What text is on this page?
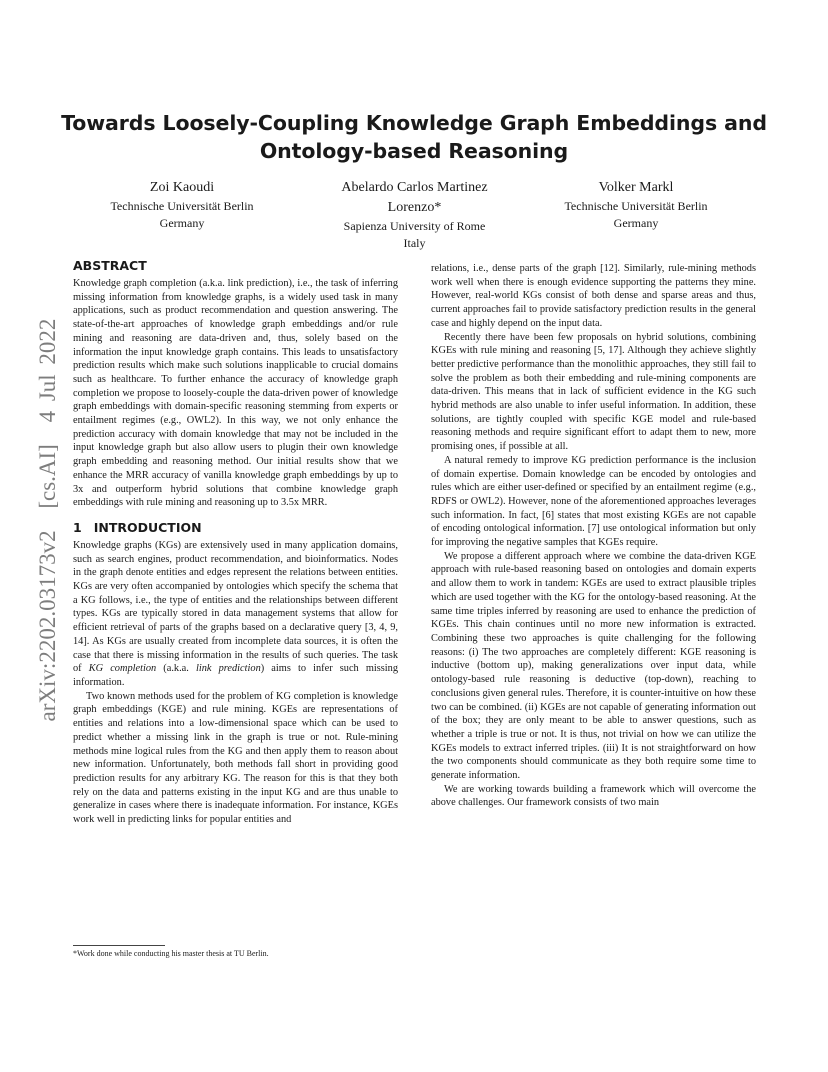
Towards Loosely-Coupling Knowledge Graph Embeddings and Ontology-based Reasoning
Zoi Kaoudi
Technische Universität Berlin
Germany
Abelardo Carlos Martinez Lorenzo*
Sapienza University of Rome
Italy
Volker Markl
Technische Universität Berlin
Germany
arXiv:2202.03173v2 [cs.AI] 4 Jul 2022
ABSTRACT

Knowledge graph completion (a.k.a. link prediction), i.e., the task of inferring missing information from knowledge graphs, is a widely used task in many applications, such as product recommendation and question answering. The state-of-the-art approaches of knowledge graph embeddings and/or rule mining and reasoning are data-driven and, thus, solely based on the information the input knowledge graph contains. This leads to unsatisfactory prediction results which make such solutions inapplicable to crucial domains such as healthcare. To further enhance the accuracy of knowledge graph completion we propose to loosely-couple the data-driven power of knowledge graph embeddings with domain-specific reasoning stemming from experts or entailment regimes (e.g., OWL2). In this way, we not only enhance the prediction accuracy with domain knowledge that may not be included in the input knowledge graph but also allow users to plugin their own knowledge graph embedding and reasoning method. Our initial results show that we enhance the MRR accuracy of vanilla knowledge graph embeddings by up to 3x and outperform hybrid solutions that combine knowledge graph embeddings with rule mining and reasoning up to 3.5x MRR.

1 INTRODUCTION

Knowledge graphs (KGs) are extensively used in many application domains, such as search engines, product recommendation, and bioinformatics. Nodes in the graph denote entities and edges represent the relations between entities. KGs are very often accompanied by ontologies which specify the schema that a KG follows, i.e., the type of entities and the relationships between different types. KGs are typically stored in data management systems that allow for efficient retrieval of parts of the graphs based on a declarative query [3, 4, 9, 14]. As KGs are usually created from incomplete data sources, it is often the case that there is missing information in the results of such queries. The task of KG completion (a.k.a. link prediction) aims to infer such missing information.

Two known methods used for the problem of KG completion is knowledge graph embeddings (KGE) and rule mining. KGEs are representations of entities and relations into a low-dimensional space which can be used to predict whether a missing link in the graph is true or not. Rule-mining methods mine logical rules from the KG and then apply them to reason about new information. Unfortunately, both methods fall short in providing good prediction results for any arbitrary KG. The reason for this is that they both rely on the data and patterns existing in the input KG and are thus unable to generalize in cases where there is inadequate information. For instance, KGEs work well in predicting links for popular entities and

relations, i.e., dense parts of the graph [12]. Similarly, rule-mining methods work well when there is enough evidence supporting the patterns they mine. However, real-world KGs consist of both dense and sparse areas and thus, current approaches fail to provide satisfactory prediction results in the general case and highly depend on the input data.

Recently there have been few proposals on hybrid solutions, combining KGEs with rule mining and reasoning [5, 17]. Although they achieve slightly better predictive performance than the monolithic approaches, they still fail to solve the problem as both their embedding and rule-mining components are data-driven. This means that in lack of sufficient evidence in the KG such hybrid methods are also unable to infer useful information. In addition, these solutions, are tightly coupled with specific KGE model and rule-based reasoning methods and require significant effort to adapt them to new, more promising ones, if possible at all.

A natural remedy to improve KG prediction performance is the inclusion of domain expertise. Domain knowledge can be encoded by ontologies and rules which are either user-defined or specified by an entailment regime (e.g., RDFS or OWL2). However, none of the aforementioned approaches leverages such information. In fact, [6] states that most existing KGEs are not capable of encoding ontological information. [7] use ontological information but only for improving the negative samples that KGEs require.

We propose a different approach where we combine the data-driven KGE approach with rule-based reasoning based on ontologies and domain experts and allow them to work in tandem: KGEs are used to extract plausible triples which are used together with the KG for the ontology-based reasoning. At the same time triples inferred by reasoning are used to enhance the prediction of KGEs. This chain continues until no more new information is extracted. Combining these two approaches is quite challenging for the following reasons: (i) The two approaches are completely different: KGE reasoning is inductive (bottom up), making generalizations over input data, while ontology-based rule reasoning is deductive (top-down), reaching to conclusions given general rules. Therefore, it is counter-intuitive on how these two can be combined. (ii) KGEs are not capable of generating information out of the box; they are only meant to be able to answer questions, such as whether a triple is true or not. It is thus, not trivial on how we can utilize the KGEs models to extract inferred triples. (iii) It is not straightforward on how the two components should communicate as they both require some time to generate information.

We are working towards building a framework which will overcome the above challenges. Our framework consists of two main

*Work done while conducting his master thesis at TU Berlin.
